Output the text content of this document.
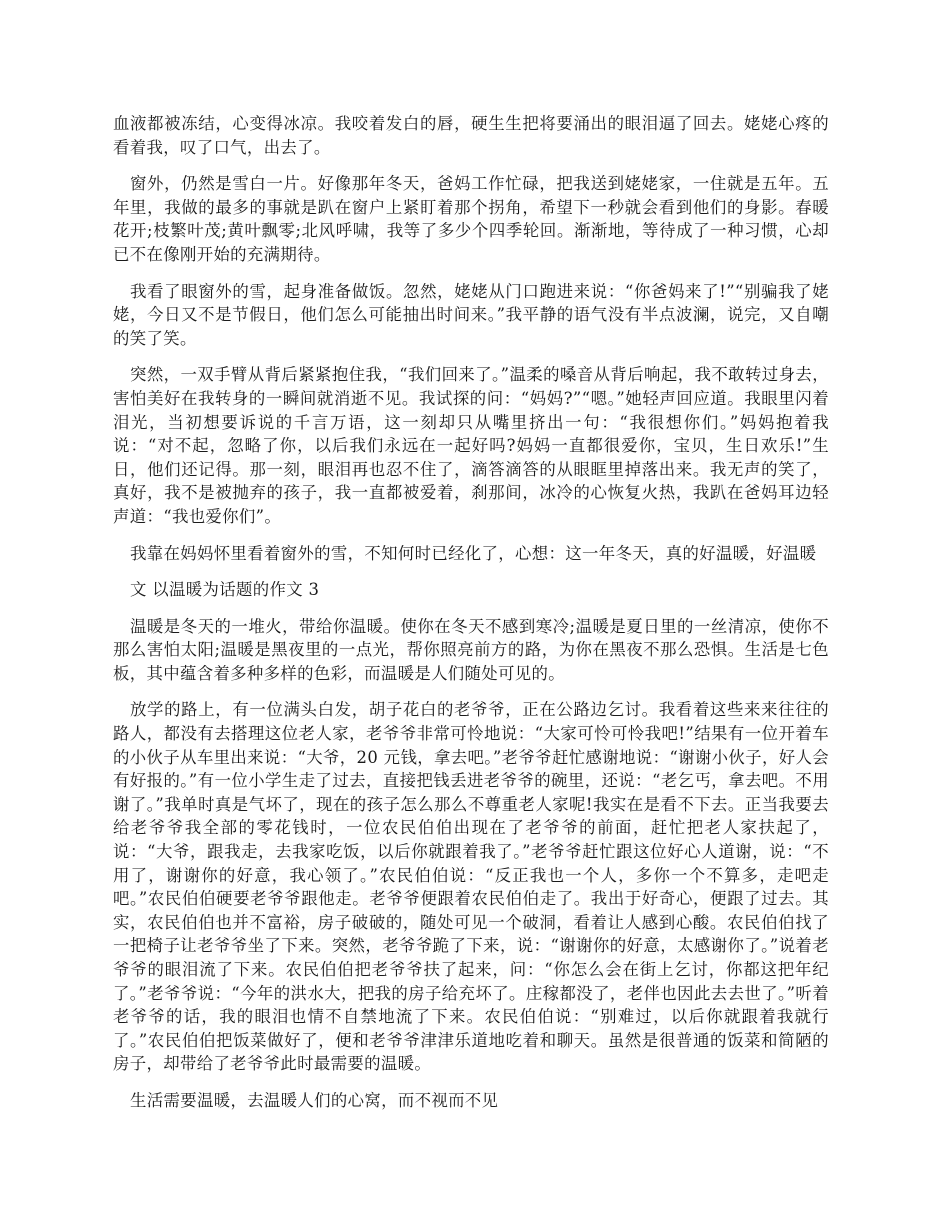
血液都被冻结，心变得冰凉。我咬着发白的唇，硬生生把将要涌出的眼泪逼了回去。姥姥心疼的看着我，叹了口气，出去了。

窗外，仍然是雪白一片。好像那年冬天，爸妈工作忙碌，把我送到姥姥家，一住就是五年。五年里，我做的最多的事就是趴在窗户上紧盯着那个拐角，希望下一秒就会看到他们的身影。春暖花开;枝繁叶茂;黄叶飘零;北风呼啸，我等了多少个四季轮回。渐渐地，等待成了一种习惯，心却已不在像刚开始的充满期待。

我看了眼窗外的雪，起身准备做饭。忽然，姥姥从门口跑进来说：“你爸妈来了!”“别骗我了姥姥，今日又不是节假日，他们怎么可能抽出时间来。”我平静的语气没有半点波澜，说完，又自嘲的笑了笑。

突然，一双手臂从背后紧紧抱住我，“我们回来了。”温柔的嗓音从背后响起，我不敢转过身去，害怕美好在我转身的一瞬间就消逝不见。我试探的问：“妈妈?”“嗯。”她轻声回应道。我眼里闪着泪光，当初想要诉说的千言万语，这一刻却只从嘴里挤出一句：“我很想你们。”妈妈抱着我说：“对不起，忽略了你，以后我们永远在一起好吗?妈妈一直都很爱你，宝贝，生日欢乐!”生日，他们还记得。那一刻，眼泪再也忍不住了，滴答滴答的从眼眶里掉落出来。我无声的笑了，真好，我不是被抛弃的孩子，我一直都被爱着，刹那间，冰冷的心恢复火热，我趴在爸妈耳边轻声道：“我也爱你们”。

我靠在妈妈怀里看着窗外的雪，不知何时已经化了，心想：这一年冬天，真的好温暖，好温暖

文 以温暖为话题的作文 3

温暖是冬天的一堆火，带给你温暖。使你在冬天不感到寒冷;温暖是夏日里的一丝清凉，使你不那么害怕太阳;温暖是黑夜里的一点光，帮你照亮前方的路，为你在黑夜不那么恐惧。生活是七色板，其中蕴含着多种多样的色彩，而温暖是人们随处可见的。

放学的路上，有一位满头白发，胡子花白的老爷爷，正在公路边乞讨。我看着这些来来往往的路人，都没有去搭理这位老人家，老爷爷非常可怜地说：“大家可怜可怜我吧!”结果有一位开着车的小伙子从车里出来说：“大爷，20 元钱，拿去吧。”老爷爷赶忙感谢地说：“谢谢小伙子，好人会有好报的。”有一位小学生走了过去，直接把钱丢进老爷爷的碗里，还说：“老乞丐，拿去吧。不用谢了。”我单时真是气坏了，现在的孩子怎么那么不尊重老人家呢!我实在是看不下去。正当我要去给老爷爷我全部的零花钱时，一位农民伯伯出现在了老爷爷的前面，赶忙把老人家扶起了，说：“大爷，跟我走，去我家吃饭，以后你就跟着我了。”老爷爷赶忙跟这位好心人道谢，说：“不用了，谢谢你的好意，我心领了。”农民伯伯说：“反正我也一个人，多你一个不算多，走吧走吧。”农民伯伯硬要老爷爷跟他走。老爷爷便跟着农民伯伯走了。我出于好奇心，便跟了过去。其实，农民伯伯也并不富裕，房子破破的，随处可见一个破洞，看着让人感到心酸。农民伯伯找了一把椅子让老爷爷坐了下来。突然，老爷爷跪了下来，说：“谢谢你的好意，太感谢你了。”说着老爷爷的眼泪流了下来。农民伯伯把老爷爷扶了起来，问：“你怎么会在街上乞讨，你都这把年纪了。”老爷爷说：“今年的洪水大，把我的房子给充坏了。庄稼都没了，老伴也因此去去世了。”听着老爷爷的话，我的眼泪也情不自禁地流了下来。农民伯伯说：“别难过，以后你就跟着我就行了。”农民伯伯把饭菜做好了，便和老爷爷津津乐道地吃着和聊天。虽然是很普通的饭菜和简陋的房子，却带给了老爷爷此时最需要的温暖。

生活需要温暖，去温暖人们的心窝，而不视而不见
